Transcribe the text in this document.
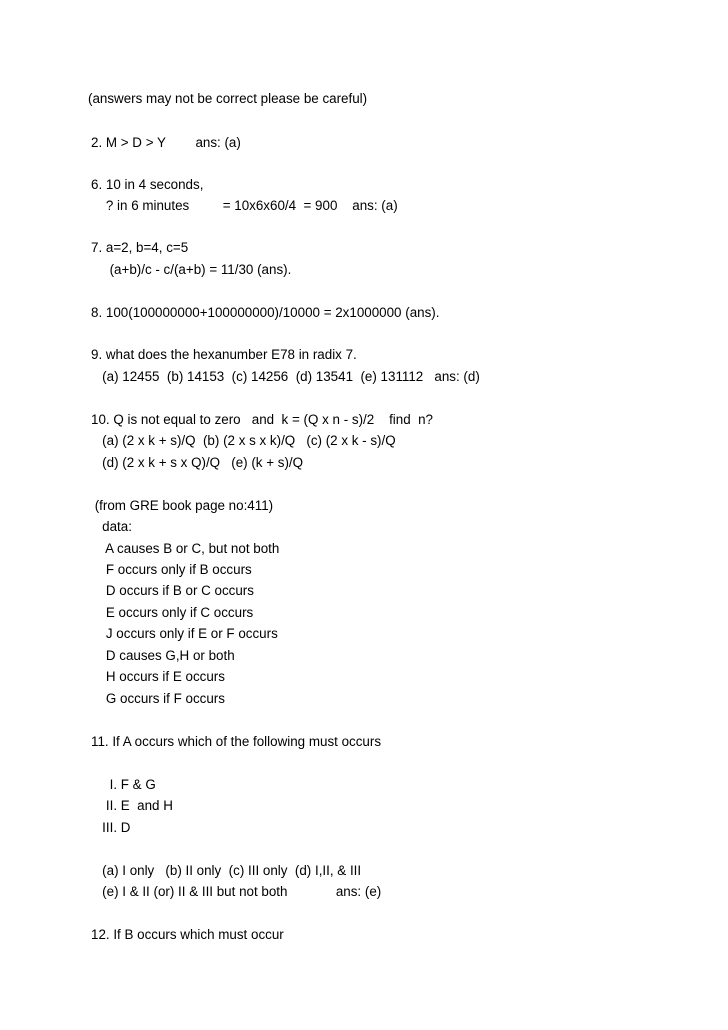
(answers may not be correct please be careful)
2. M > D > Y        ans: (a)
6. 10 in 4 seconds,
? in 6 minutes         = 10x6x60/4  = 900    ans: (a)
7. a=2, b=4, c=5
(a+b)/c - c/(a+b) = 11/30 (ans).
8. 100(100000000+100000000)/10000 = 2x1000000 (ans).
9. what does the hexanumber E78 in radix 7.
(a) 12455  (b) 14153  (c) 14256  (d) 13541  (e) 131112   ans: (d)
10. Q is not equal to zero   and  k = (Q x n - s)/2    find  n?
(a) (2 x k + s)/Q  (b) (2 x s x k)/Q   (c) (2 x k - s)/Q
(d) (2 x k + s x Q)/Q   (e) (k + s)/Q
(from GRE book page no:411)
data:
A causes B or C, but not both
F occurs only if B occurs
D occurs if B or C occurs
E occurs only if C occurs
J occurs only if E or F occurs
D causes G,H or both
H occurs if E occurs
G occurs if F occurs
11. If A occurs which of the following must occurs
I. F & G
II. E  and H
III. D
(a) I only   (b) II only  (c) III only  (d) I,II, & III
(e) I & II (or) II & III but not both             ans: (e)
12. If B occurs which must occur
